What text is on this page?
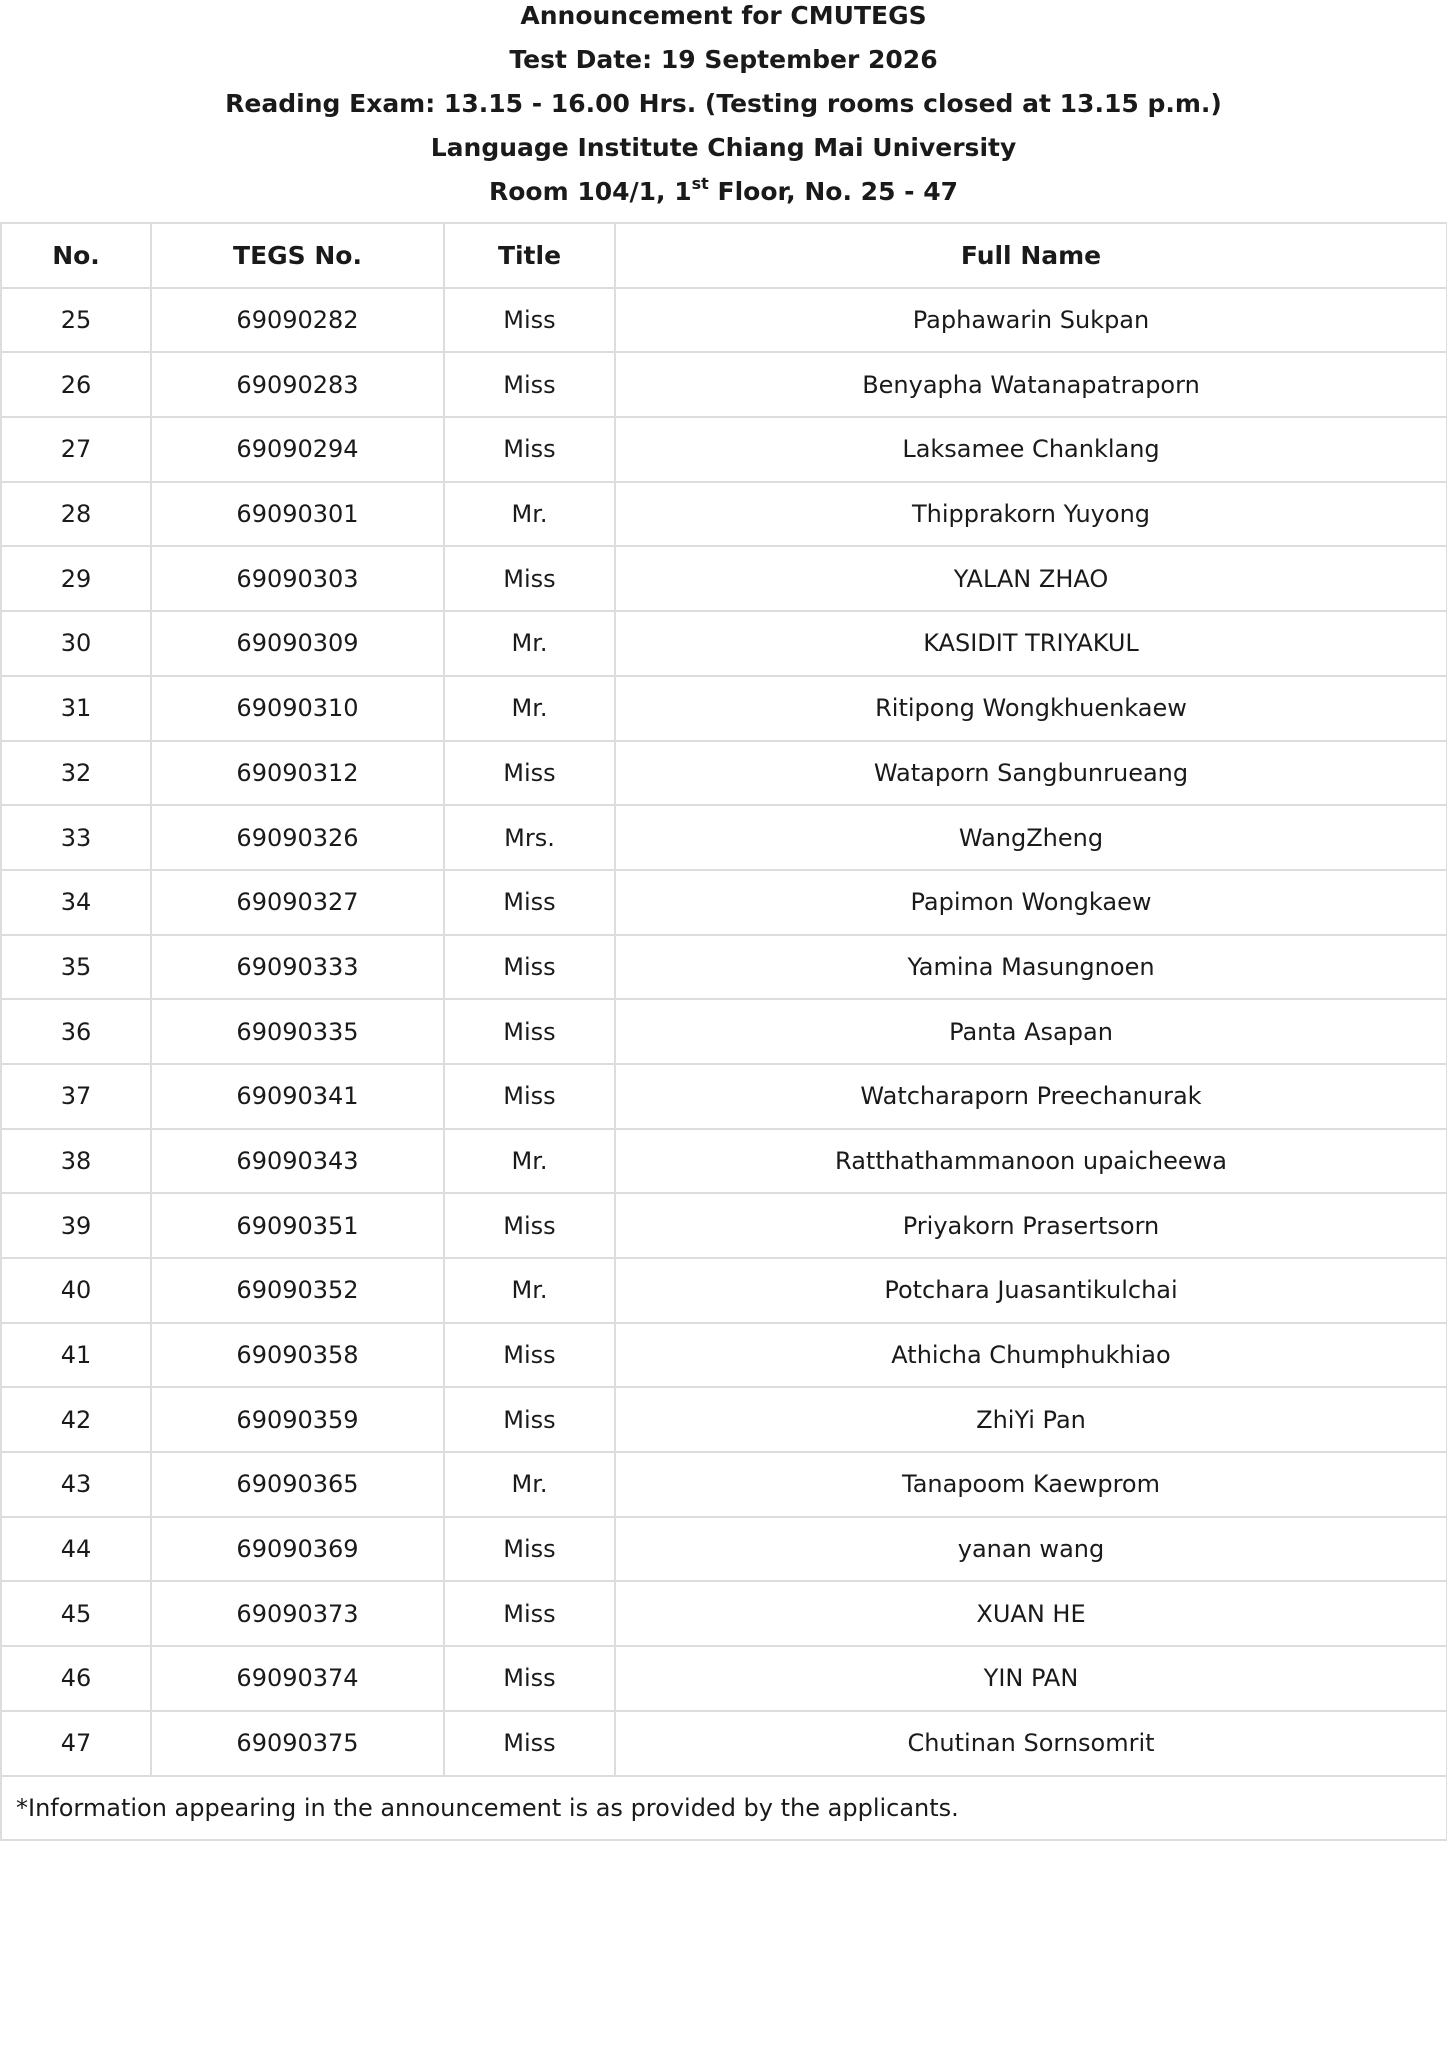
Announcement for CMUTEGS
Test Date: 19 September 2026
Reading Exam: 13.15 - 16.00 Hrs. (Testing rooms closed at 13.15 p.m.)
Language Institute Chiang Mai University
Room 104/1, 1st Floor, No. 25 - 47
No.	TEGS No.	Title	Full Name
25	69090282	Miss	Paphawarin Sukpan
26	69090283	Miss	Benyapha Watanapatraporn
27	69090294	Miss	Laksamee Chanklang
28	69090301	Mr.	Thipprakorn Yuyong
29	69090303	Miss	YALAN ZHAO
30	69090309	Mr.	KASIDIT TRIYAKUL
31	69090310	Mr.	Ritipong Wongkhuenkaew
32	69090312	Miss	Wataporn Sangbunrueang
33	69090326	Mrs.	WangZheng
34	69090327	Miss	Papimon Wongkaew
35	69090333	Miss	Yamina Masungnoen
36	69090335	Miss	Panta Asapan
37	69090341	Miss	Watcharaporn Preechanurak
38	69090343	Mr.	Ratthathammanoon upaicheewa
39	69090351	Miss	Priyakorn Prasertsorn
40	69090352	Mr.	Potchara Juasantikulchai
41	69090358	Miss	Athicha Chumphukhiao
42	69090359	Miss	ZhiYi Pan
43	69090365	Mr.	Tanapoom Kaewprom
44	69090369	Miss	yanan wang
45	69090373	Miss	XUAN HE
46	69090374	Miss	YIN PAN
47	69090375	Miss	Chutinan Sornsomrit
*Information appearing in the announcement is as provided by the applicants.			
